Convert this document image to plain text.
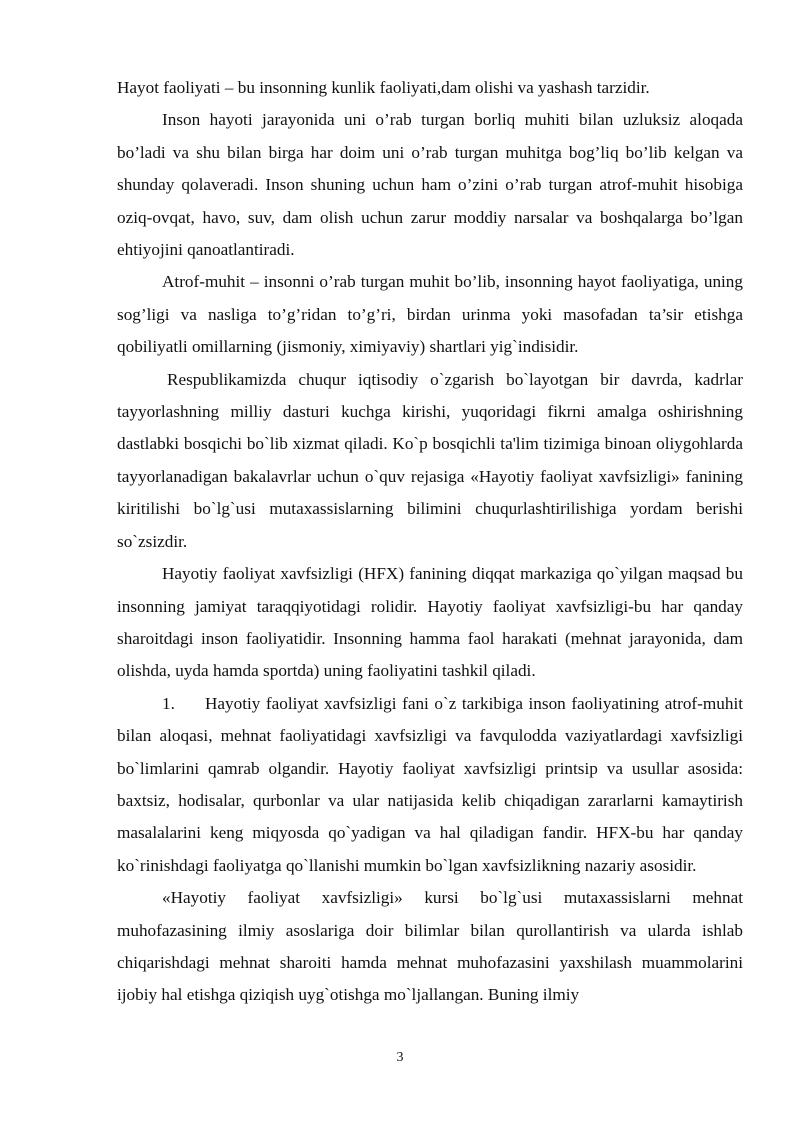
Hayot faoliyati – bu insonning kunlik faoliyati,dam olishi va yashash tarzidir.

Inson hayoti jarayonida uni o’rab turgan borliq muhiti bilan uzluksiz aloqada bo’ladi va shu bilan birga har doim uni o’rab turgan muhitga bog’liq bo’lib kelgan va shunday qolaveradi. Inson shuning uchun ham o’zini o’rab turgan atrof-muhit hisobiga oziq-ovqat, havo, suv, dam olish uchun zarur moddiy narsalar va boshqalarga bo’lgan ehtiyojini qanoatlantiradi.

Atrof-muhit – insonni o’rab turgan muhit bo’lib, insonning hayot faoliyatiga, uning sog’ligi va nasliga to’g’ridan to’g’ri, birdan urinma yoki masofadan ta’sir etishga qobiliyatli omillarning (jismoniy, ximiyaviy) shartlari yig`indisidir.

Respublikamizda chuqur iqtisodiy o`zgarish bo`layotgan bir davrda, kadrlar tayyorlashning milliy dasturi kuchga kirishi, yuqoridagi fikrni amalga oshirishning dastlabki bosqichi bo`lib xizmat qiladi. Ko`p bosqichli ta'lim tizimiga binoan oliygohlarda tayyorlanadigan bakalavrlar uchun o`quv rejasiga «Hayotiy faoliyat xavfsizligi» fanining kiritilishi bo`lg`usi mutaxassislarning bilimini chuqurlashtirilishiga yordam berishi so`zsizdir.

Hayotiy faoliyat xavfsizligi (HFX) fanining diqqat markaziga qo`yilgan maqsad bu insonning jamiyat taraqqiyotidagi rolidir. Hayotiy faoliyat xavfsizligi-bu har qanday sharoitdagi inson faoliyatidir. Insonning hamma faol harakati (mehnat jarayonida, dam olishda, uyda hamda sportda) uning faoliyatini tashkil qiladi.

1. Hayotiy faoliyat xavfsizligi fani o`z tarkibiga inson faoliyatining atrof-muhit bilan aloqasi, mehnat faoliyatidagi xavfsizligi va favqulodda vaziyatlardagi xavfsizligi bo`limlarini qamrab olgandir. Hayotiy faoliyat xavfsizligi printsip va usullar asosida: baxtsiz, hodisalar, qurbonlar va ular natijasida kelib chiqadigan zararlarni kamaytirish masalalarini keng miqyosda qo`yadigan va hal qiladigan fandir. HFX-bu har qanday ko`rinishdagi faoliyatga qo`llanishi mumkin bo`lgan xavfsizlikning nazariy asosidir.

«Hayotiy faoliyat xavfsizligi» kursi bo`lg`usi mutaxassislarni mehnat muhofazasining ilmiy asoslariga doir bilimlar bilan qurollantirish va ularda ishlab chiqarishdagi mehnat sharoiti hamda mehnat muhofazasini yaxshilash muammolarini ijobiy hal etishga qiziqish uyg`otishga mo`ljallangan. Buning ilmiy

3
